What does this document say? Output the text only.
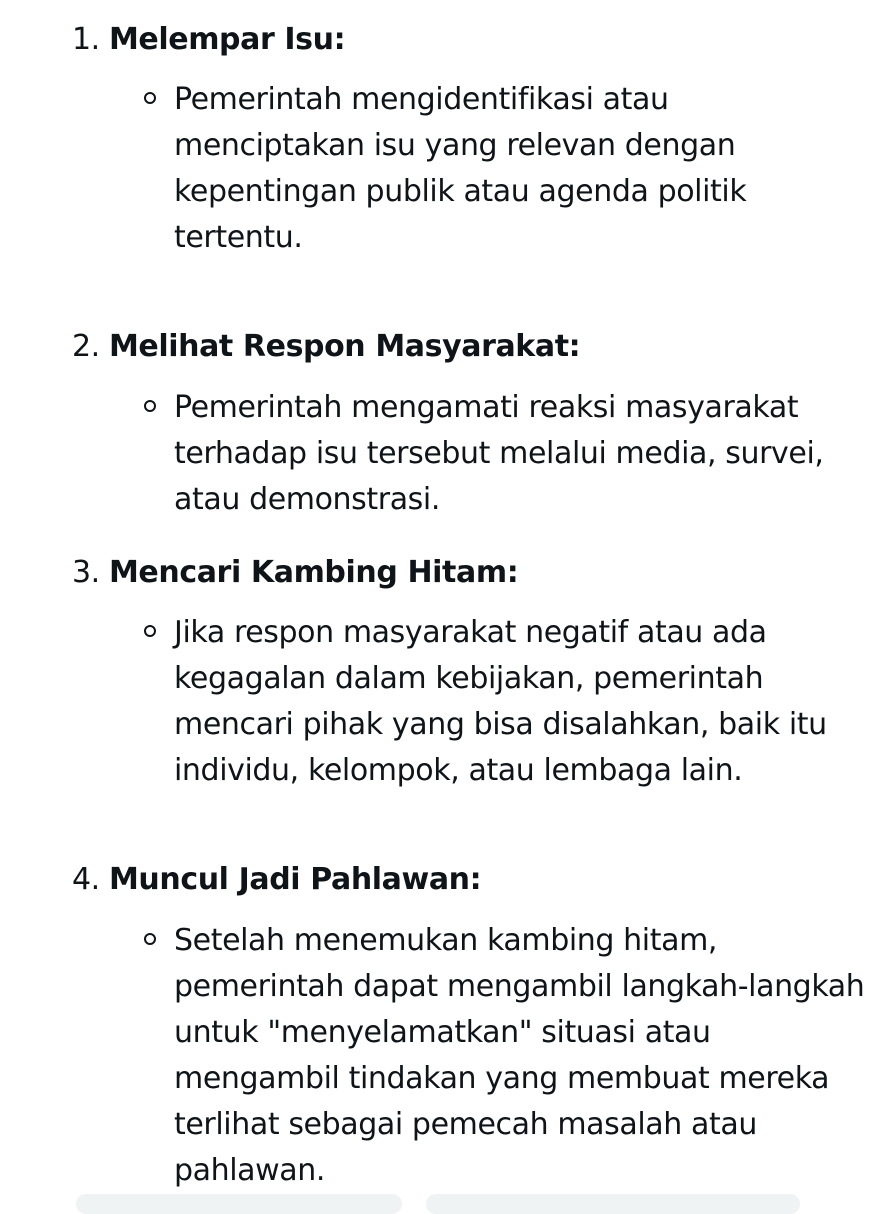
1. Melempar Isu:
Pemerintah mengidentifikasi atau
menciptakan isu yang relevan dengan
kepentingan publik atau agenda politik
tertentu.
2. Melihat Respon Masyarakat:
Pemerintah mengamati reaksi masyarakat
terhadap isu tersebut melalui media, survei,
atau demonstrasi.
3. Mencari Kambing Hitam:
Jika respon masyarakat negatif atau ada
kegagalan dalam kebijakan, pemerintah
mencari pihak yang bisa disalahkan, baik itu
individu, kelompok, atau lembaga lain.
4. Muncul Jadi Pahlawan:
Setelah menemukan kambing hitam,
pemerintah dapat mengambil langkah-langkah
untuk "menyelamatkan" situasi atau
mengambil tindakan yang membuat mereka
terlihat sebagai pemecah masalah atau
pahlawan.
